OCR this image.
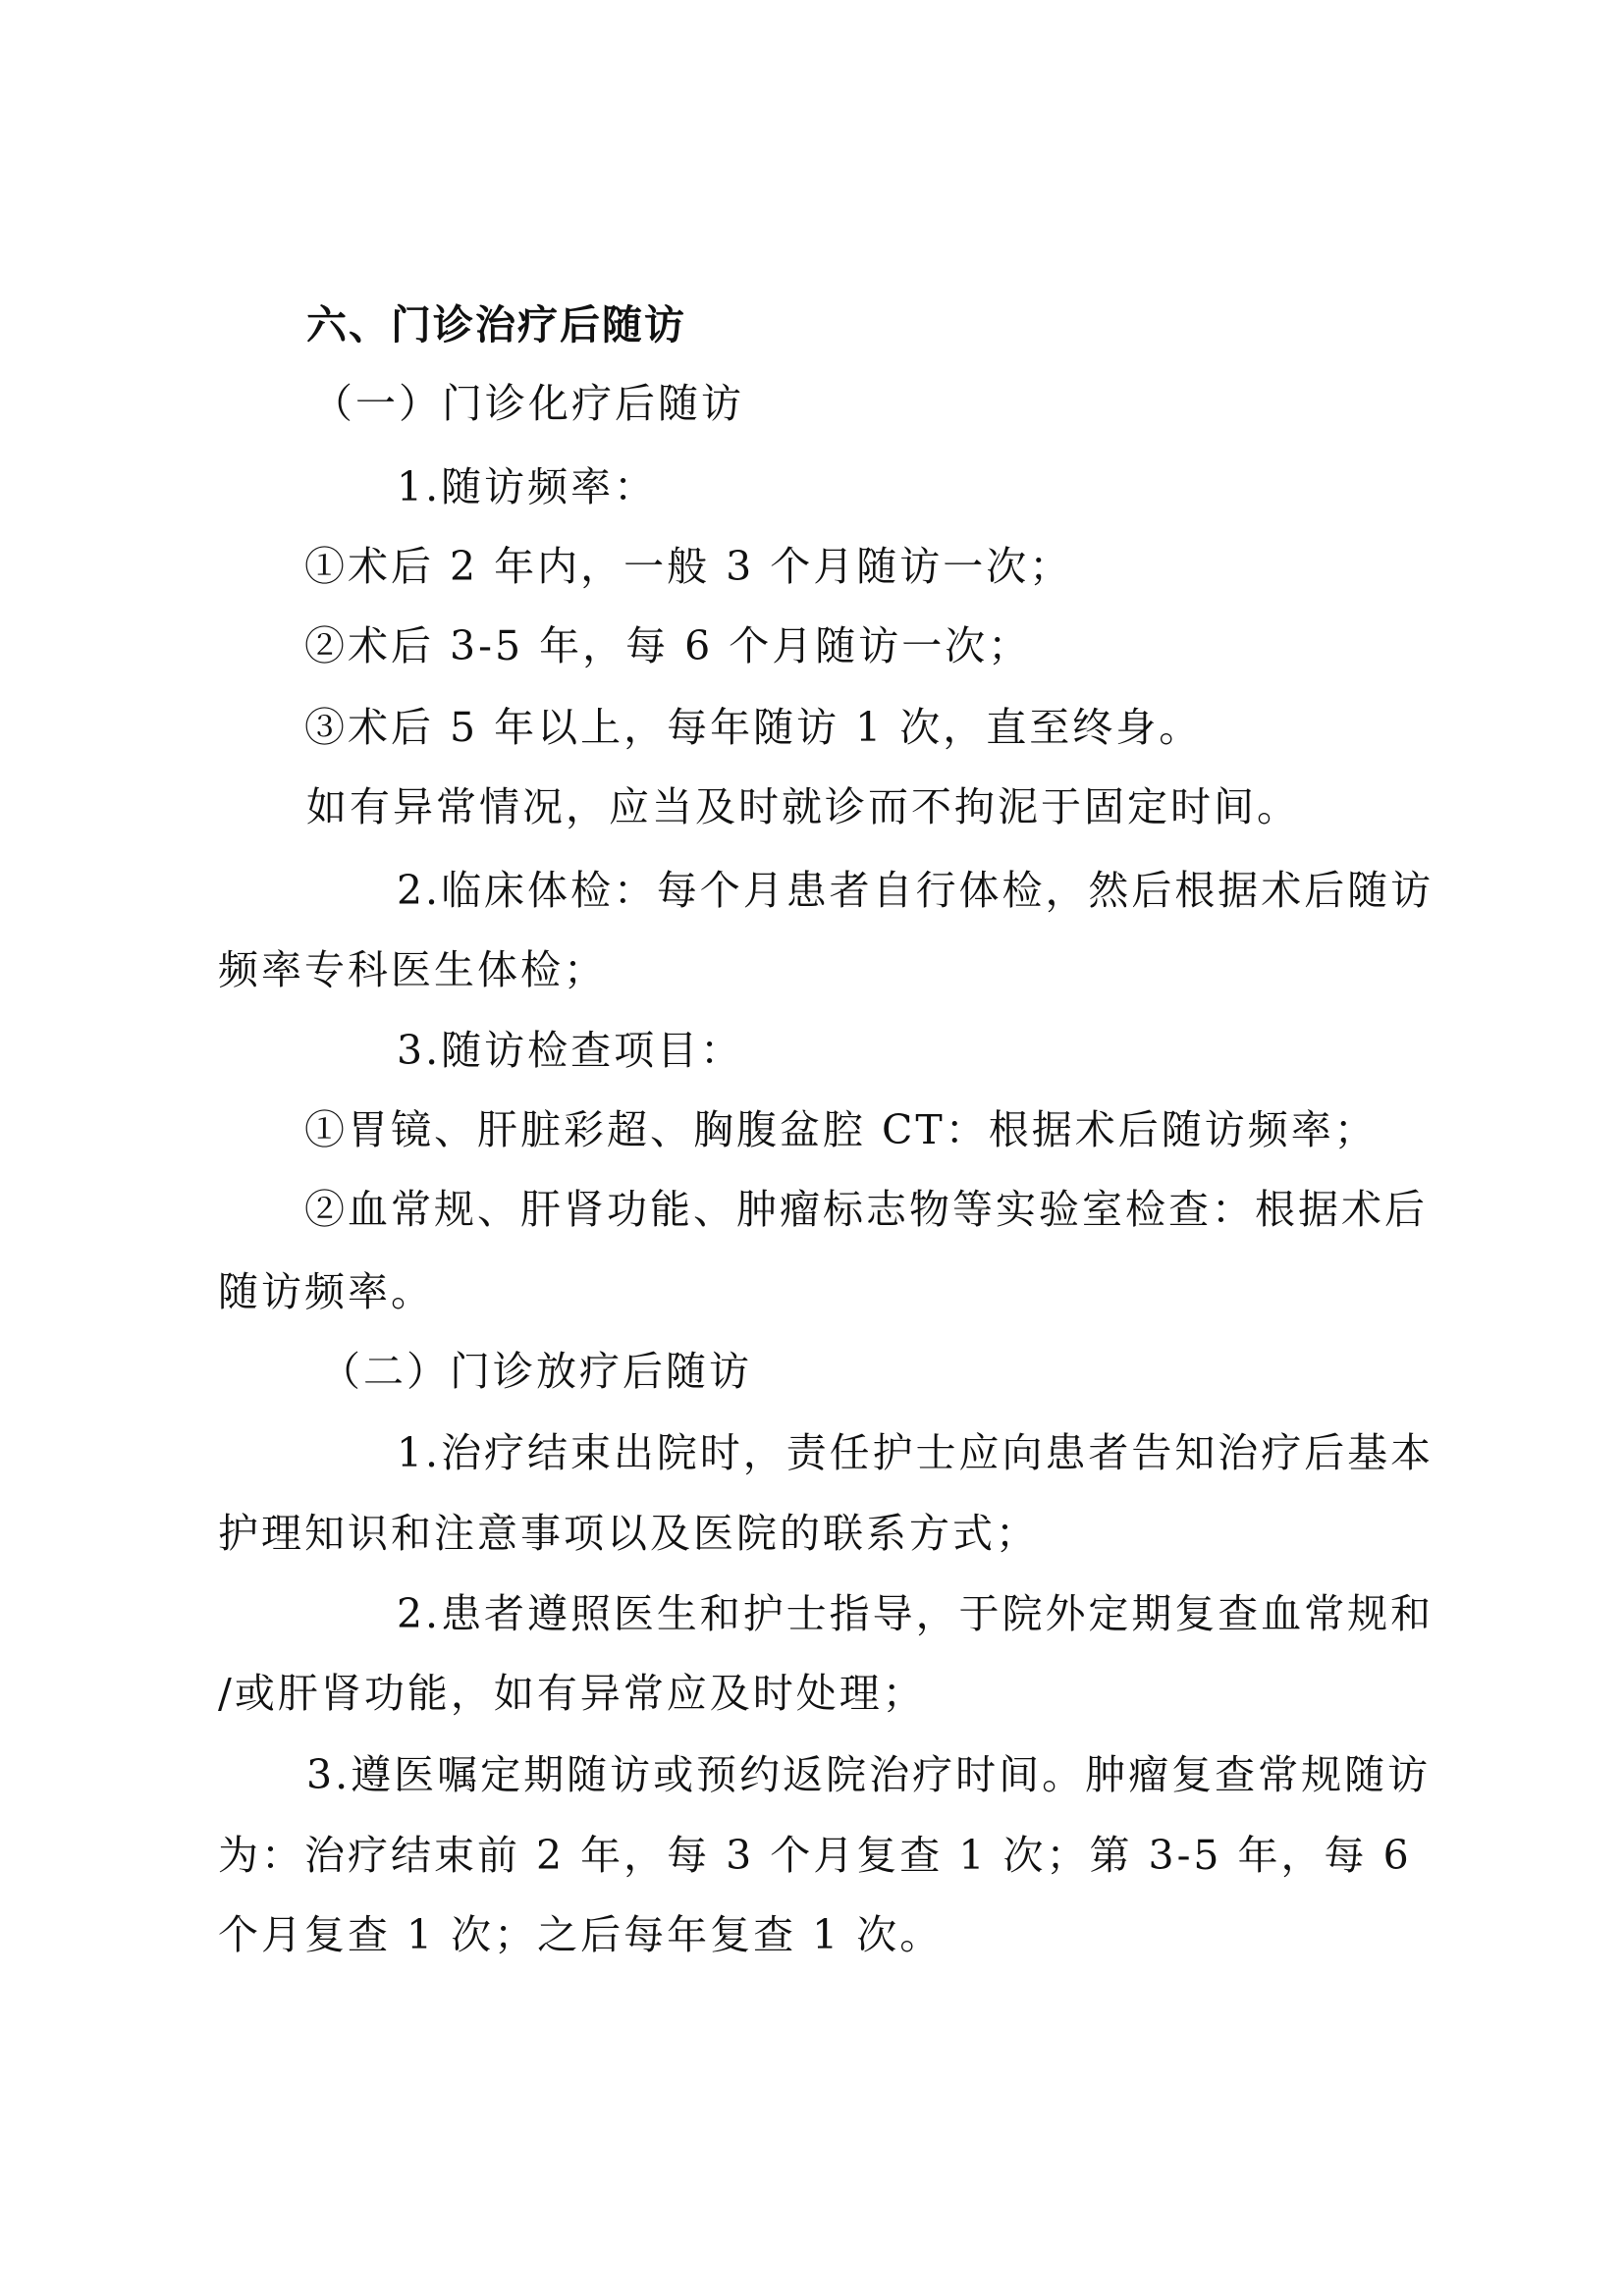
六、门诊治疗后随访
（一）门诊化疗后随访
1.随访频率：
①术后 2 年内，一般 3 个月随访一次；
②术后 3-5 年，每 6 个月随访一次；
③术后 5 年以上，每年随访 1 次，直至终身。
如有异常情况，应当及时就诊而不拘泥于固定时间。
2.临床体检：每个月患者自行体检，然后根据术后随访
频率专科医生体检；
3.随访检查项目：
①胃镜、肝脏彩超、胸腹盆腔 CT：根据术后随访频率；
②血常规、肝肾功能、肿瘤标志物等实验室检查：根据术后
随访频率。
（二）门诊放疗后随访
1.治疗结束出院时，责任护士应向患者告知治疗后基本
护理知识和注意事项以及医院的联系方式；
2.患者遵照医生和护士指导，于院外定期复查血常规和
/或肝肾功能，如有异常应及时处理；
3.遵医嘱定期随访或预约返院治疗时间。肿瘤复查常规随访
为：治疗结束前 2 年，每 3 个月复查 1 次；第 3-5 年，每 6
个月复查 1 次；之后每年复查 1 次。
